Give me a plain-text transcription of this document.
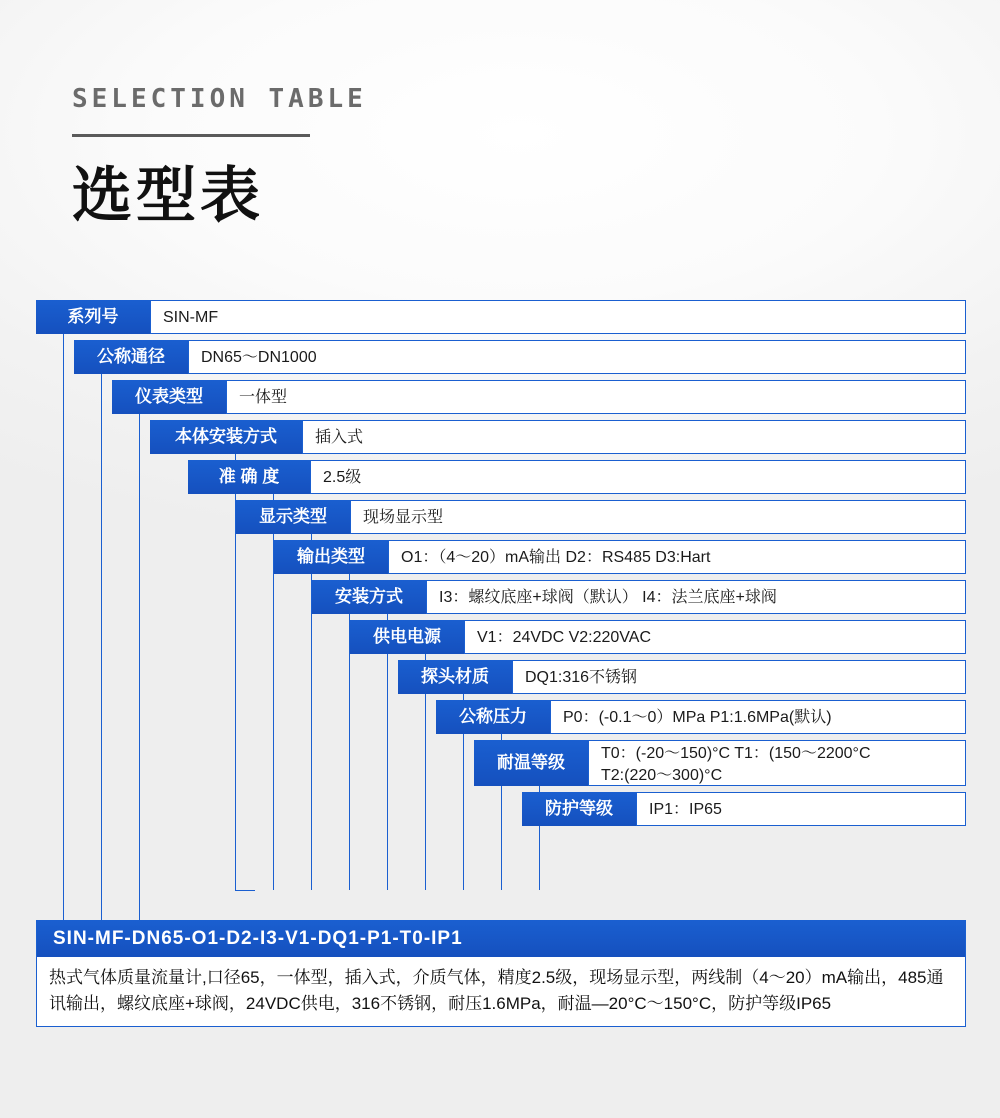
SELECTION TABLE
选型表
系列号	SIN-MF
公称通径	DN65～DN1000
仪表类型	一体型
本体安装方式	插入式
准 确 度	2.5级
显示类型	现场显示型
输出类型	O1：（4～20）mA输出 D2：RS485 D3:Hart
安装方式	I3：螺纹底座+球阀（默认） I4：法兰底座+球阀
供电电源	V1：24VDC V2:220VAC
探头材质	DQ1:316不锈钢
公称压力	P0：(-0.1～0）MPa P1:1.6MPa(默认)
耐温等级	T0：(-20～150)°C T1：(150～2200°C
T2:(220～300)°C
防护等级	IP1：IP65
SIN-MF-DN65-O1-D2-I3-V1-DQ1-P1-T0-IP1
热式气体质量流量计,口径65，一体型，插入式，介质气体，精度2.5级，现场显示型，两线制（4～20）mA输出，485通讯输出，螺纹底座+球阀，24VDC供电，316不锈钢，耐压1.6MPa，耐温—20°C～150°C，防护等级IP65
